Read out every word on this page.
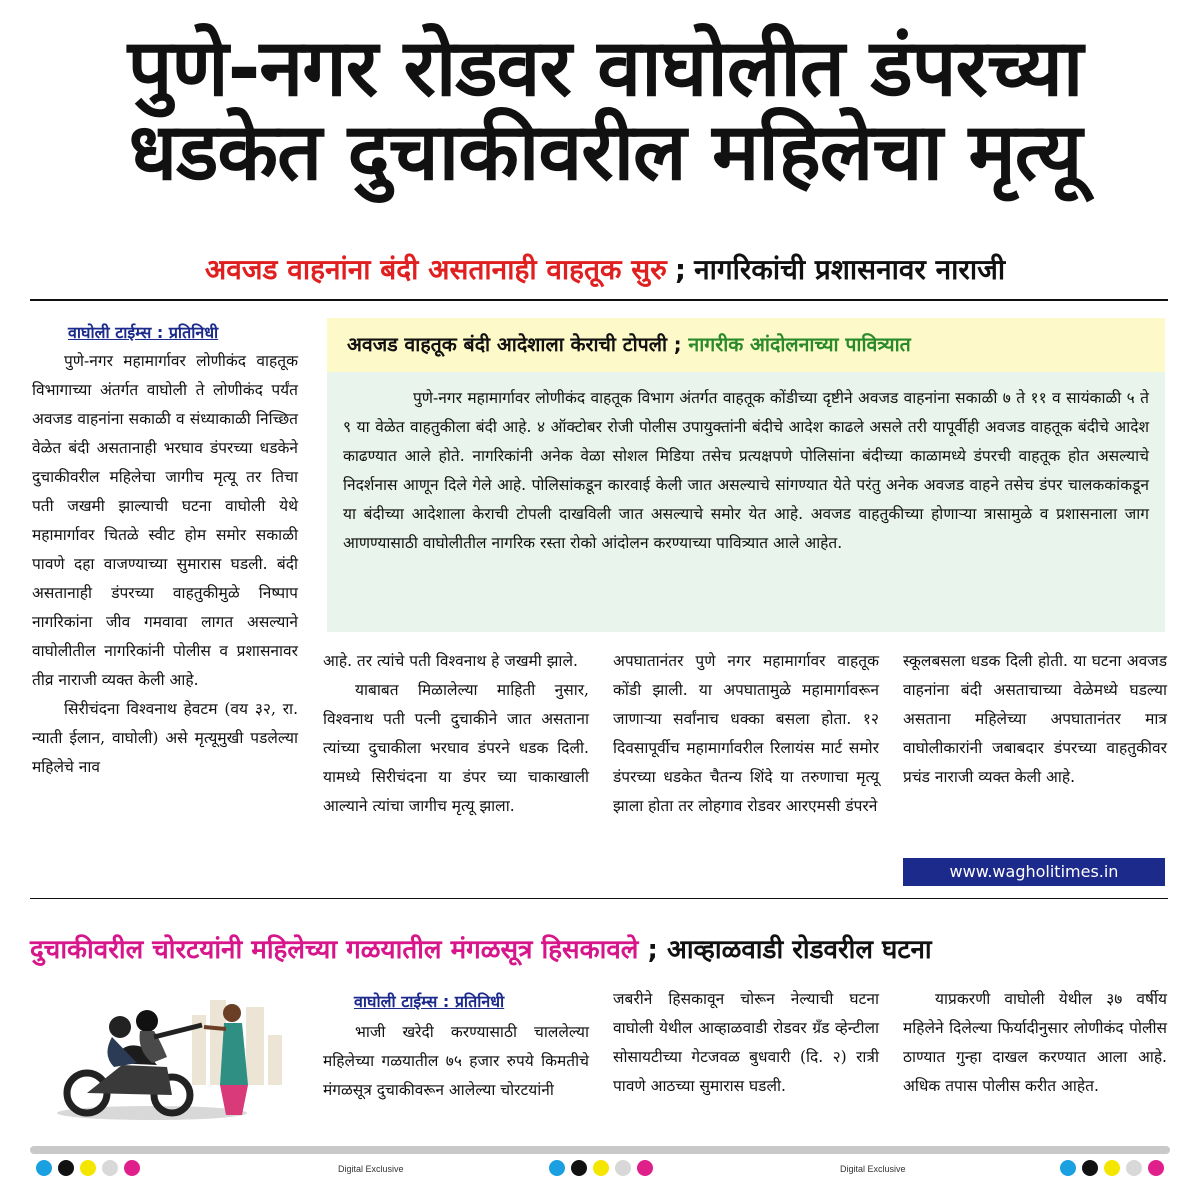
पुणे-नगर रोडवर वाघोलीत डंपरच्या
धडकेत दुचाकीवरील महिलेचा मृत्यू
अवजड वाहनांना बंदी असतानाही वाहतूक सुरु ; नागरिकांची प्रशासनावर नाराजी
वाघोली टाईम्स : प्रतिनिधी

पुणे-नगर महामार्गावर लोणीकंद वाहतूक विभागाच्या अंतर्गत वाघोली ते लोणीकंद पर्यंत अवजड वाहनांना सकाळी व संध्याकाळी निच्छित वेळेत बंदी असतानाही भरघाव डंपरच्या धडकेने दुचाकीवरील महिलेचा जागीच मृत्यू तर तिचा पती जखमी झाल्याची घटना वाघोली येथे महामार्गावर चितळे स्वीट होम समोर सकाळी पावणे दहा वाजण्याच्या सुमारास घडली. बंदी असतानाही डंपरच्या वाहतुकीमुळे निष्पाप नागरिकांना जीव गमवावा लागत असल्याने वाघोलीतील नागरिकांनी पोलीस व प्रशासनावर तीव्र नाराजी व्यक्त केली आहे.

सिरीचंदना विश्वनाथ हेवटम (वय ३२, रा. न्याती ईलान, वाघोली) असे मृत्यूमुखी पडलेल्या महिलेचे नाव

अवजड वाहतूक बंदी आदेशाला केराची टोपली ; नागरीक आंदोलनाच्या पावित्र्यात

पुणे-नगर महामार्गावर लोणीकंद वाहतूक विभाग अंतर्गत वाहतूक कोंडीच्या दृष्टीने अवजड वाहनांना सकाळी ७ ते ११ व सायंकाळी ५ ते ९ या वेळेत वाहतुकीला बंदी आहे. ४ ऑक्टोबर रोजी पोलीस उपायुक्तांनी बंदीचे आदेश काढले असले तरी यापूर्वीही अवजड वाहतूक बंदीचे आदेश काढण्यात आले होते. नागरिकांनी अनेक वेळा सोशल मिडिया तसेच प्रत्यक्षपणे पोलिसांना बंदीच्या काळामध्ये डंपरची वाहतूक होत असल्याचे निदर्शनास आणून दिले गेले आहे. पोलिसांकडून कारवाई केली जात असल्याचे सांगण्यात येते परंतु अनेक अवजड वाहने तसेच डंपर चालककांकडून या बंदीच्या आदेशाला केराची टोपली दाखविली जात असल्याचे समोर येत आहे. अवजड वाहतुकीच्या होणाऱ्या त्रासामुळे व प्रशासनाला जाग आणण्यासाठी वाघोलीतील नागरिक रस्ता रोको आंदोलन करण्याच्या पावित्र्यात आले आहेत.

आहे. तर त्यांचे पती विश्वनाथ हे जखमी झाले.

याबाबत मिळालेल्या माहिती नुसार, विश्वनाथ पती पत्नी दुचाकीने जात असताना त्यांच्या दुचाकीला भरघाव डंपरने धडक दिली. यामध्ये सिरीचंदना या डंपर च्या चाकाखाली आल्याने त्यांचा जागीच मृत्यू झाला.

अपघातानंतर पुणे नगर महामार्गावर वाहतूक कोंडी झाली. या अपघातामुळे महामार्गावरून जाणाऱ्या सर्वांनाच धक्का बसला होता. १२ दिवसापूर्वीच महामार्गावरील रिलायंस मार्ट समोर डंपरच्या धडकेत चैतन्य शिंदे या तरुणाचा मृत्यू झाला होता तर लोहगाव रोडवर आरएमसी डंपरने

स्कूलबसला धडक दिली होती. या घटना अवजड वाहनांना बंदी असताचाच्या वेळेमध्ये घडल्या असताना महिलेच्या अपघातानंतर मात्र वाघोलीकारांनी जबाबदार डंपरच्या वाहतुकीवर प्रचंड नाराजी व्यक्त केली आहे.

www.wagholitimes.in
दुचाकीवरील चोरटयांनी महिलेच्या गळयातील मंगळसूत्र हिसकावले ; आव्हाळवाडी रोडवरील घटना
वाघोली टाईम्स : प्रतिनिधी

भाजी खरेदी करण्यासाठी चाललेल्या महिलेच्या गळयातील ७५ हजार रुपये किमतीचे मंगळसूत्र दुचाकीवरून आलेल्या चोरटयांनी

जबरीने हिसकावून चोरून नेल्याची घटना वाघोली येथील आव्हाळवाडी रोडवर ग्रँड व्हेन्टीला सोसायटीच्या गेटजवळ बुधवारी (दि. २) रात्री पावणे आठच्या सुमारास घडली.

याप्रकरणी वाघोली येथील ३७ वर्षीय महिलेने दिलेल्या फिर्यादीनुसार लोणीकंद पोलीस ठाण्यात गुन्हा दाखल करण्यात आला आहे. अधिक तपास पोलीस करीत आहेत.

Digital Exclusive	Digital Exclusive
